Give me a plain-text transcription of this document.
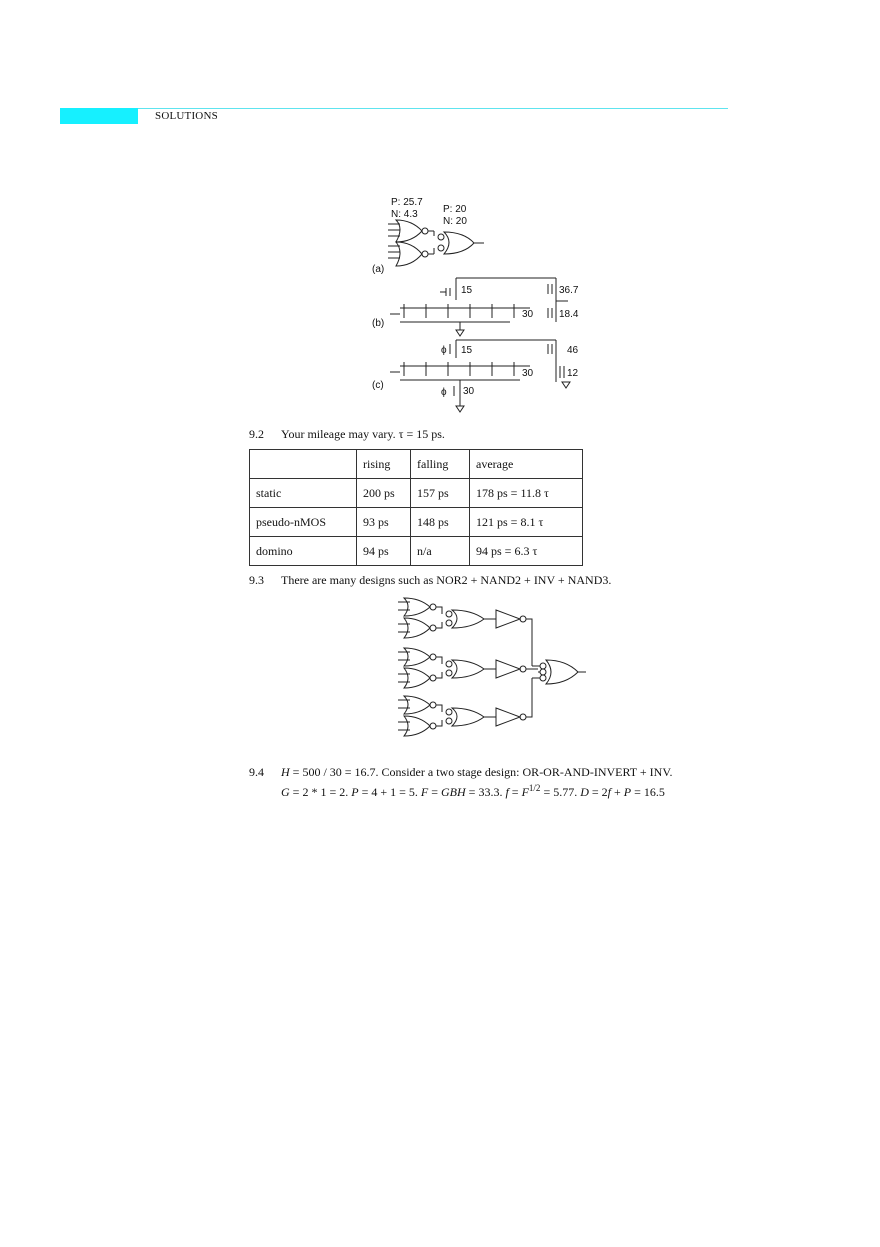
SOLUTIONS
P: 25.7
N: 4.3	P: 20
N: 20
(a)
15
30
36.7
18.4
(b)
ϕ 15
30
ϕ 30
46
12
(c)
9.2 Your mileage may vary. τ = 15 ps.
	rising	falling	average
static	200 ps	157 ps	178 ps = 11.8 τ
pseudo-nMOS	93 ps	148 ps	121 ps = 8.1 τ
domino	94 ps	n/a	94 ps = 6.3 τ
9.3 There are many designs such as NOR2 + NAND2 + INV + NAND3.
9.4 H = 500 / 30 = 16.7. Consider a two stage design: OR-OR-AND-INVERT + INV.
G = 2 * 1 = 2. P = 4 + 1 = 5. F = GBH = 33.3. $f = F^{1/2} = 5.77$. D = 2f + P = 16.5
